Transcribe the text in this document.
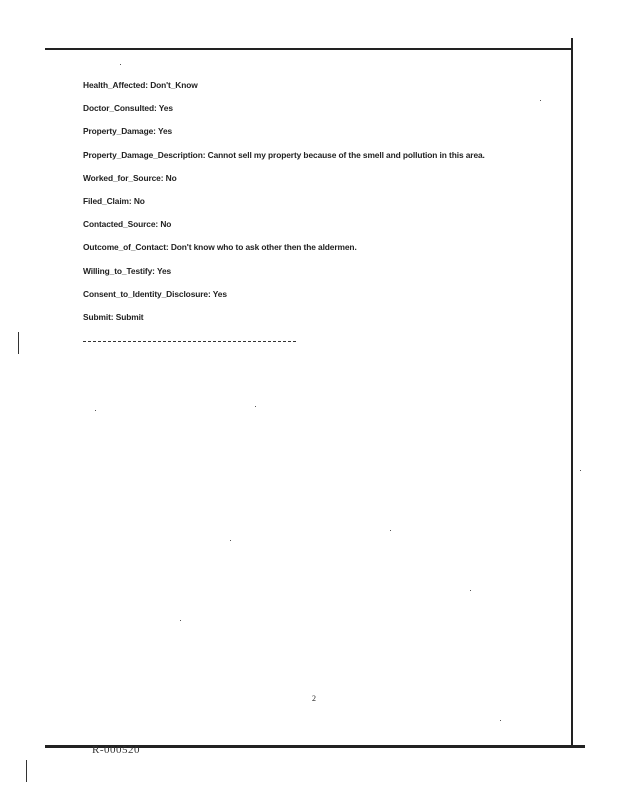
Health_Affected: Don't_Know
Doctor_Consulted: Yes
Property_Damage: Yes
Property_Damage_Description: Cannot sell my property because of the smell and pollution in this area.
Worked_for_Source: No
Filed_Claim: No
Contacted_Source: No
Outcome_of_Contact: Don't know who to ask other then the aldermen.
Willing_to_Testify: Yes
Consent_to_Identity_Disclosure: Yes
Submit: Submit
2
R-000520
